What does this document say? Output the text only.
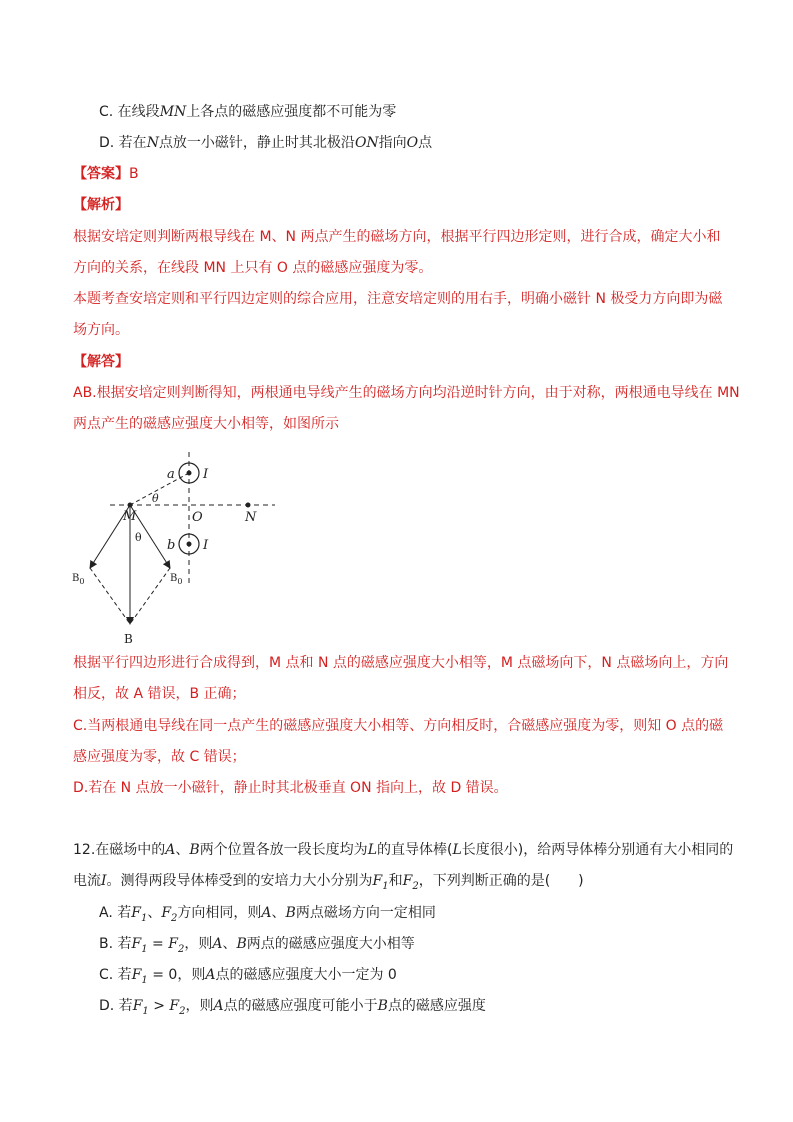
C. 在线段MN上各点的磁感应强度都不可能为零
D. 若在N点放一小磁针，静止时其北极沿ON指向O点
【答案】B
【解析】
根据安培定则判断两根导线在 M、N 两点产生的磁场方向，根据平行四边形定则，进行合成，确定大小和
方向的关系，在线段 MN 上只有 O 点的磁感应强度为零。
本题考查安培定则和平行四边定则的综合应用，注意安培定则的用右手，明确小磁针 N 极受力方向即为磁
场方向。
【解答】
AB.根据安培定则判断得知，两根通电导线产生的磁场方向均沿逆时针方向，由于对称，两根通电导线在 MN
两点产生的磁感应强度大小相等，如图所示
a I
θ
M	O	N
b I
θ
$B_0$	$B_0$
B
根据平行四边形进行合成得到，M 点和 N 点的磁感应强度大小相等，M 点磁场向下，N 点磁场向上，方向
相反，故 A 错误，B 正确；
C.当两根通电导线在同一点产生的磁感应强度大小相等、方向相反时，合磁感应强度为零，则知 O 点的磁
感应强度为零，故 C 错误；
D.若在 N 点放一小磁针，静止时其北极垂直 ON 指向上，故 D 错误。
12.在磁场中的A、B两个位置各放一段长度均为L的直导体棒(L长度很小)，给两导体棒分别通有大小相同的
电流I。测得两段导体棒受到的安培力大小分别为$F_1$和$F_2$，下列判断正确的是(　　)
A. 若$F_1$、$F_2$方向相同，则A、B两点磁场方向一定相同
B. 若$F_1 = F_2$，则A、B两点的磁感应强度大小相等
C. 若$F_1 = 0$，则A点的磁感应强度大小一定为 0
D. 若$F_1 > F_2$，则A点的磁感应强度可能小于B点的磁感应强度
